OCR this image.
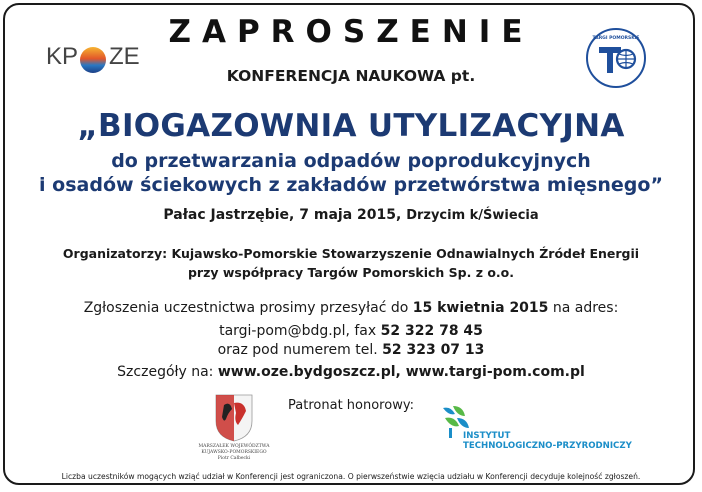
KP ZE
TARGI POMORSKIE
ZAPROSZENIE
KONFERENCJA NAUKOWA pt.
„BIOGAZOWNIA UTYLIZACYJNA
do przetwarzania odpadów poprodukcyjnych
i osadów ściekowych z zakładów przetwórstwa mięsnego”
Pałac Jastrzębie, 7 maja 2015, Drzycim k/Świecia
Organizatorzy: Kujawsko-Pomorskie Stowarzyszenie Odnawialnych Źródeł Energii
przy współpracy Targów Pomorskich Sp. z o.o.
Zgłoszenia uczestnictwa prosimy przesyłać do 15 kwietnia 2015 na adres:
targi-pom@bdg.pl, fax 52 322 78 45
oraz pod numerem tel. 52 323 07 13
Szczegóły na: www.oze.bydgoszcz.pl, www.targi-pom.com.pl
Patronat honorowy:
MARSZAŁEK WOJEWÓDZTWA
KUJAWSKO-POMORSKIEGO
Piotr Całbecki
INSTYTUT
TECHNOLOGICZNO-PRZYRODNICZY
Liczba uczestników mogących wziąć udział w Konferencji jest ograniczona. O pierwszeństwie wzięcia udziału w Konferencji decyduje kolejność zgłoszeń.
